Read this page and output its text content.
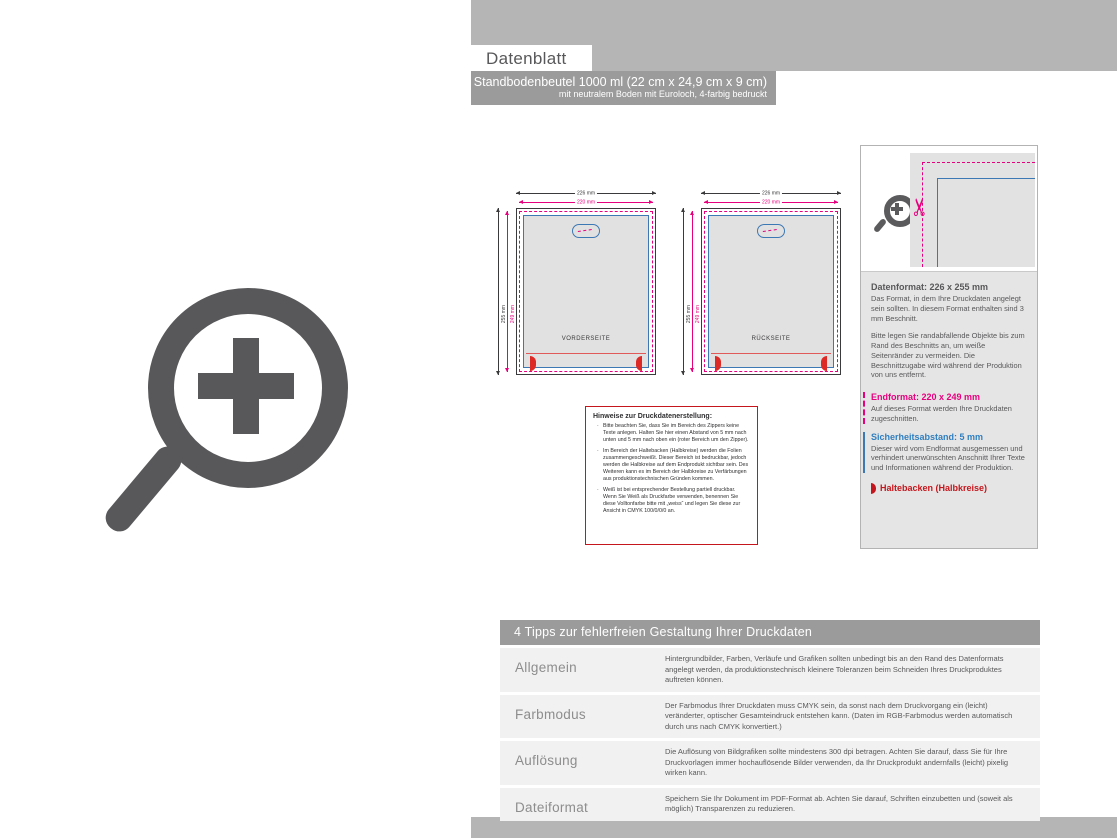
Datenblatt
Standbodenbeutel 1000 ml (22 cm x 24,9 cm x 9 cm)
mit neutralem Boden mit Euroloch, 4-farbig bedruckt
226 mm
220 mm
255 mm 249 mm
VORDERSEITE
226 mm
220 mm
255 mm 249 mm
RÜCKSEITE
Hinweise zur Druckdatenerstellung:
· Bitte beachten Sie, dass Sie im Bereich des Zippers keine Texte anlegen. Halten Sie hier einen Abstand von 5 mm nach unten und 5 mm nach oben ein (roter Bereich um den Zipper).
· Im Bereich der Haltebacken (Halbkreise) werden die Folien zusammengeschweißt. Dieser Bereich ist bedruckbar, jedoch werden die Halbkreise auf dem Endprodukt sichtbar sein. Des Weiteren kann es im Bereich der Halbkreise zu Verfärbungen aus produktionstechnischen Gründen kommen.
· Weiß ist bei entsprechender Bestellung partiell druckbar. Wenn Sie Weiß als Druckfarbe verwenden, benennen Sie diese Volltonfarbe bitte mit „weiss“ und legen Sie diese zur Ansicht in CMYK 100/0/0/0 an.
✂
Datenformat: 226 x 255 mm

Das Format, in dem Ihre Druckdaten angelegt sein sollten. In diesem Format enthalten sind 3 mm Beschnitt.

Bitte legen Sie randabfallende Objekte bis zum Rand des Beschnitts an, um weiße Seitenränder zu vermeiden. Die Beschnittzugabe wird während der Produktion von uns entfernt.

Endformat: 220 x 249 mm

Auf dieses Format werden Ihre Druckdaten zugeschnitten.

Sicherheitsabstand: 5 mm

Dieser wird vom Endformat ausgemessen und verhindert unerwünschten Anschnitt Ihrer Texte und Informationen während der Produktion.

Haltebacken (Halbkreise)
4 Tipps zur fehlerfreien Gestaltung Ihrer Druckdaten
Allgemein
Hintergrundbilder, Farben, Verläufe und Grafiken sollten unbedingt bis an den Rand des Datenformats angelegt werden, da produktionstechnisch kleinere Toleranzen beim Schneiden Ihres Druckproduktes auftreten können.
Farbmodus
Der Farbmodus Ihrer Druckdaten muss CMYK sein, da sonst nach dem Druckvorgang ein (leicht) veränderter, optischer Gesamteindruck entstehen kann. (Daten im RGB-Farbmodus werden automatisch durch uns nach CMYK konvertiert.)
Auflösung
Die Auflösung von Bildgrafiken sollte mindestens 300 dpi betragen. Achten Sie darauf, dass Sie für Ihre Druckvorlagen immer hochauflösende Bilder verwenden, da Ihr Druckprodukt andernfalls (leicht) pixelig wirken kann.
Dateiformat
Speichern Sie Ihr Dokument im PDF-Format ab. Achten Sie darauf, Schriften einzubetten und (soweit als möglich) Transparenzen zu reduzieren.
